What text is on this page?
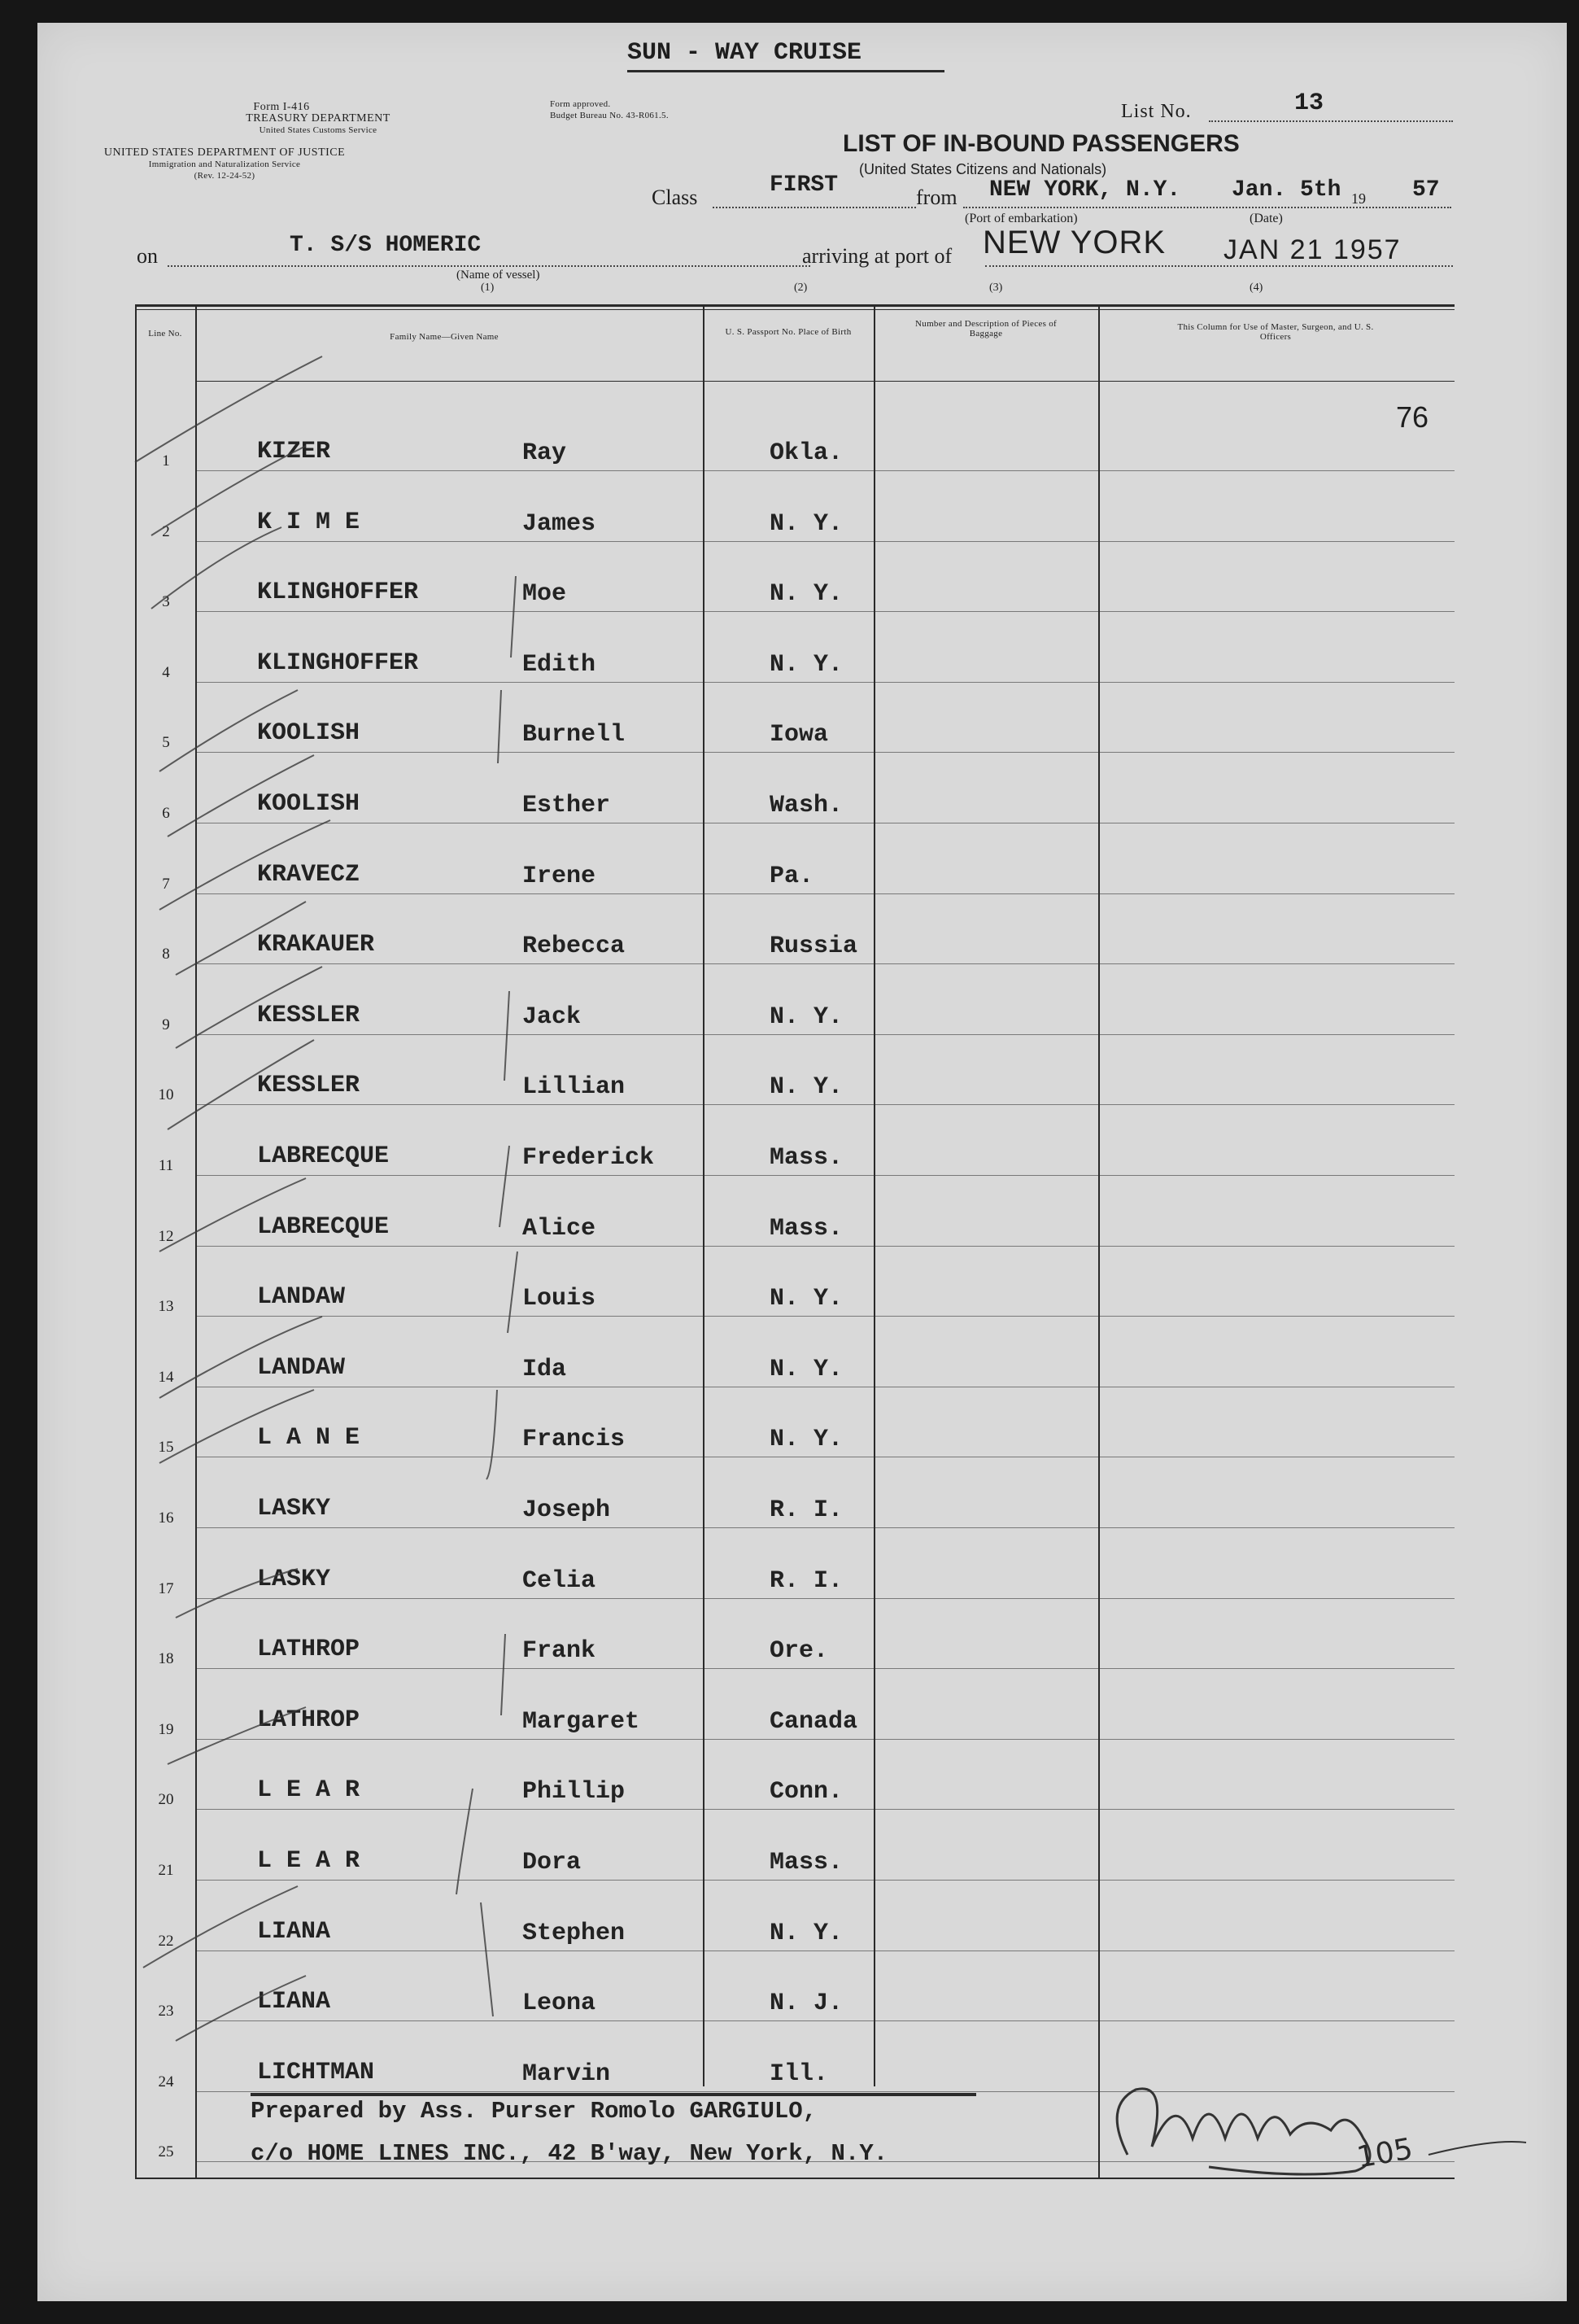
SUN - WAY CRUISE
Form I-416
TREASURY DEPARTMENT
United States Customs Service
UNITED STATES DEPARTMENT OF JUSTICE
Immigration and Naturalization Service
(Rev. 12-24-52)
Form approved.
Budget Bureau No. 43-R061.5.	List No.	13
LIST OF IN-BOUND PASSENGERS
(United States Citizens and Nationals)
Class	FIRST	from NEW YORK, N.Y. Jan. 5th 19 57
(Port of embarkation)	(Date)
on	T. S/S HOMERIC
(Name of vessel)
(1)
arriving at port of NEW YORK JAN 21 1957
(2)	(3)	(4)
Line No.	Family Name—Given Name	U. S. Passport No. Place of Birth
Number and Description of Pieces of Baggage
This Column for Use of Master, Surgeon, and U. S. Officers
76
1	KIZER	Ray	Okla.
2	K I M E	James	N. Y.
3	KLINGHOFFER	Moe	N. Y.
4	KLINGHOFFER	Edith	N. Y.
5	KOOLISH	Burnell	Iowa
6	KOOLISH	Esther	Wash.
7	KRAVECZ	Irene	Pa.
8	KRAKAUER	Rebecca	Russia
9	KESSLER	Jack	N. Y.
10	KESSLER	Lillian	N. Y.
11	LABRECQUE	Frederick	Mass.
12	LABRECQUE	Alice	Mass.
13	LANDAW	Louis	N. Y.
14	LANDAW	Ida	N. Y.
15	L A N E	Francis	N. Y.
16	LASKY	Joseph	R. I.
17	LASKY	Celia	R. I.
18	LATHROP	Frank	Ore.
19	LATHROP	Margaret	Canada
20	L E A R	Phillip	Conn.
21	L E A R	Dora	Mass.
22	LIANA	Stephen	N. Y.
23	LIANA	Leona	N. J.
24	LICHTMAN	Marvin	Ill.
25
Prepared by Ass. Purser Romolo GARGIULO,
c/o HOME LINES INC., 42 B'way, New York, N.Y.	105
